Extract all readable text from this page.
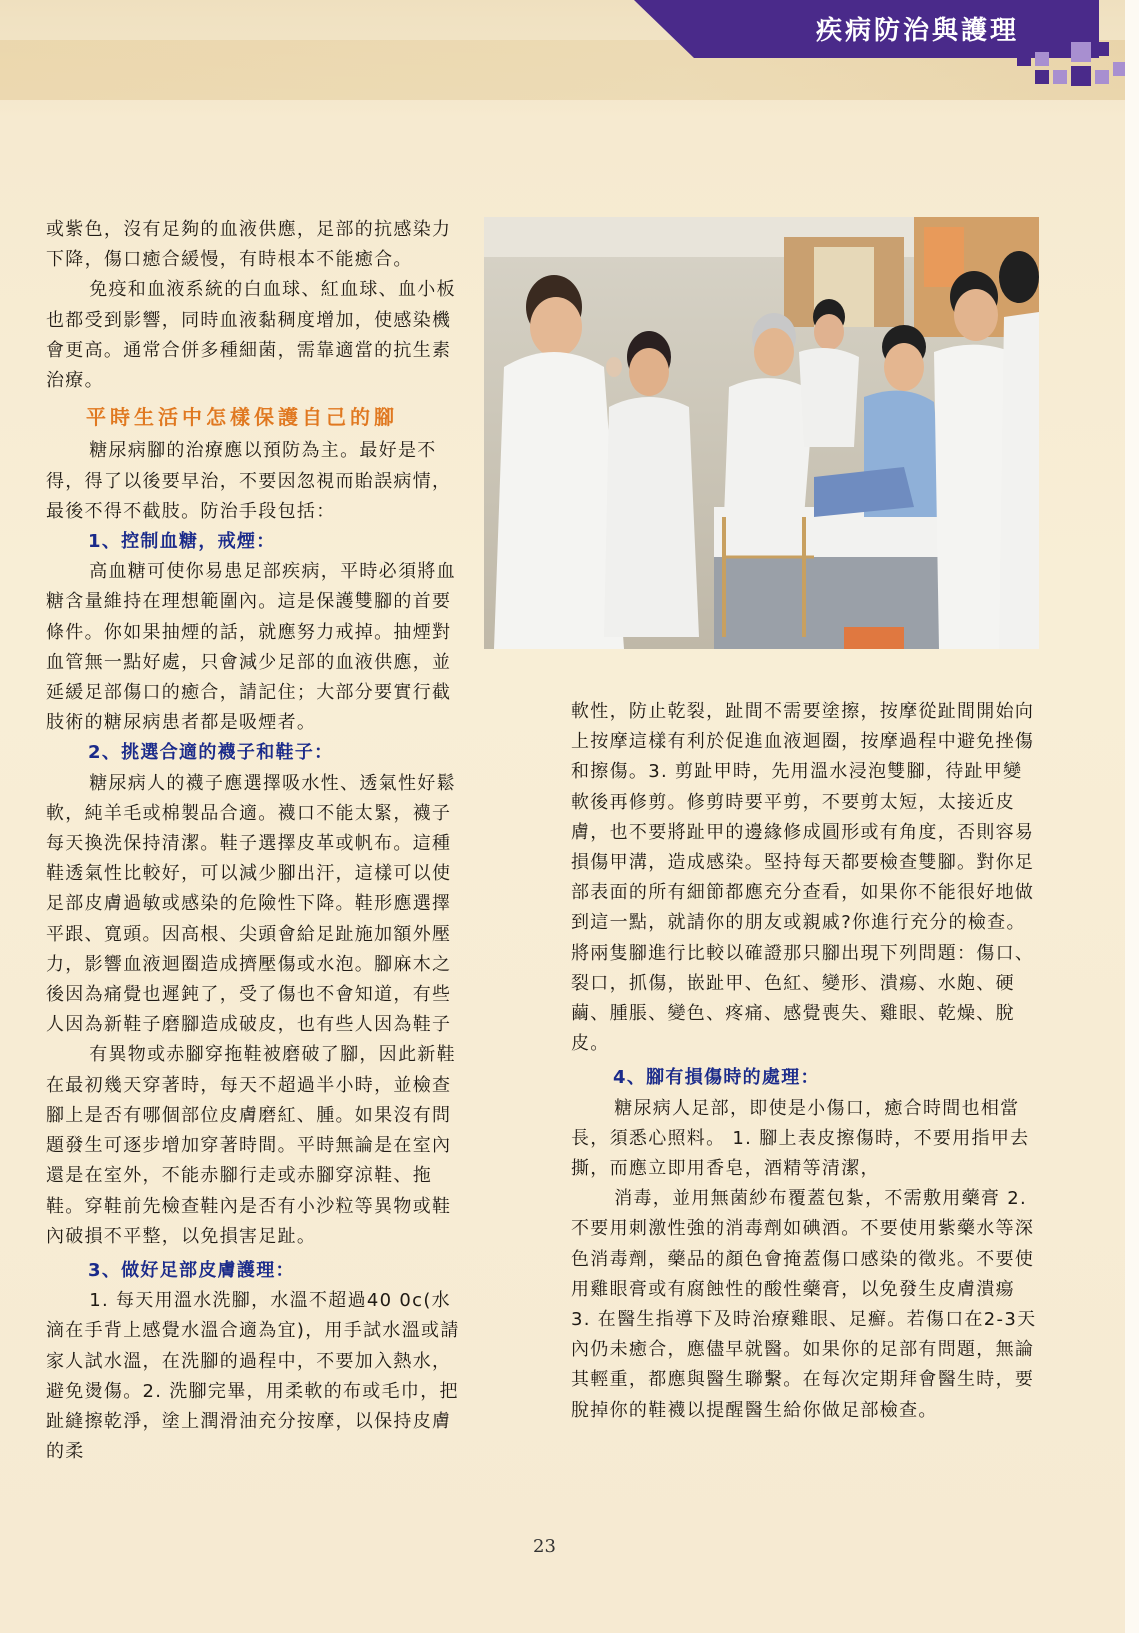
疾病防治與護理

或紫色，沒有足夠的血液供應，足部的抗感染力下降，傷口癒合緩慢，有時根本不能癒合。

免疫和血液系統的白血球、紅血球、血小板也都受到影響，同時血液黏稠度增加，使感染機會更高。通常合併多種細菌，需靠適當的抗生素治療。

平時生活中怎樣保護自己的腳

糖尿病腳的治療應以預防為主。最好是不得，得了以後要早治，不要因忽視而貽誤病情，最後不得不截肢。防治手段包括：

1、控制血糖，戒煙：

高血糖可使你易患足部疾病，平時必須將血糖含量維持在理想範圍內。這是保護雙腳的首要條件。你如果抽煙的話，就應努力戒掉。抽煙對血管無一點好處，只會減少足部的血液供應，並延緩足部傷口的癒合，請記住；大部分要實行截肢術的糖尿病患者都是吸煙者。

2、挑選合適的襪子和鞋子：

糖尿病人的襪子應選擇吸水性、透氣性好鬆軟，純羊毛或棉製品合適。襪口不能太緊，襪子每天換洗保持清潔。鞋子選擇皮革或帆布。這種鞋透氣性比較好，可以減少腳出汗，這樣可以使足部皮膚過敏或感染的危險性下降。鞋形應選擇平跟、寬頭。因高根、尖頭會給足趾施加額外壓力，影響血液迴圈造成擠壓傷或水泡。腳麻木之後因為痛覺也遲鈍了，受了傷也不會知道，有些人因為新鞋子磨腳造成破皮，也有些人因為鞋子

有異物或赤腳穿拖鞋被磨破了腳，因此新鞋在最初幾天穿著時，每天不超過半小時，並檢查腳上是否有哪個部位皮膚磨紅、腫。如果沒有問題發生可逐步增加穿著時間。平時無論是在室內還是在室外，不能赤腳行走或赤腳穿涼鞋、拖鞋。穿鞋前先檢查鞋內是否有小沙粒等異物或鞋內破損不平整，以免損害足趾。

3、做好足部皮膚護理：

1. 每天用溫水洗腳，水溫不超過40 0c(水滴在手背上感覺水溫合適為宜)，用手試水溫或請家人試水溫，在洗腳的過程中，不要加入熱水，避免燙傷。2. 洗腳完畢，用柔軟的布或毛巾，把趾縫擦乾淨，塗上潤滑油充分按摩，以保持皮膚的柔

軟性，防止乾裂，趾間不需要塗擦，按摩從趾間開始向上按摩這樣有利於促進血液迴圈，按摩過程中避免挫傷和擦傷。3. 剪趾甲時，先用溫水浸泡雙腳，待趾甲變軟後再修剪。修剪時要平剪，不要剪太短，太接近皮膚，也不要將趾甲的邊緣修成圓形或有角度，否則容易損傷甲溝，造成感染。堅持每天都要檢查雙腳。對你足部表面的所有細節都應充分查看，如果你不能很好地做到這一點，就請你的朋友或親戚?你進行充分的檢查。將兩隻腳進行比較以確證那只腳出現下列問題：傷口、裂口，抓傷，嵌趾甲、色紅、變形、潰瘍、水皰、硬繭、腫脹、變色、疼痛、感覺喪失、雞眼、乾燥、脫皮。

4、腳有損傷時的處理：

糖尿病人足部，即使是小傷口，癒合時間也相當長，須悉心照料。 1. 腳上表皮擦傷時，不要用指甲去撕，而應立即用香皂，酒精等清潔，

消毒，並用無菌紗布覆蓋包紮，不需敷用藥膏 2. 不要用刺激性強的消毒劑如碘酒。不要使用紫藥水等深色消毒劑，藥品的顏色會掩蓋傷口感染的徵兆。不要使用雞眼膏或有腐蝕性的酸性藥膏，以免發生皮膚潰瘍 3. 在醫生指導下及時治療雞眼、足癬。若傷口在2-3天內仍未癒合，應儘早就醫。如果你的足部有問題，無論其輕重，都應與醫生聯繫。在每次定期拜會醫生時，要脫掉你的鞋襪以提醒醫生給你做足部檢查。

23
